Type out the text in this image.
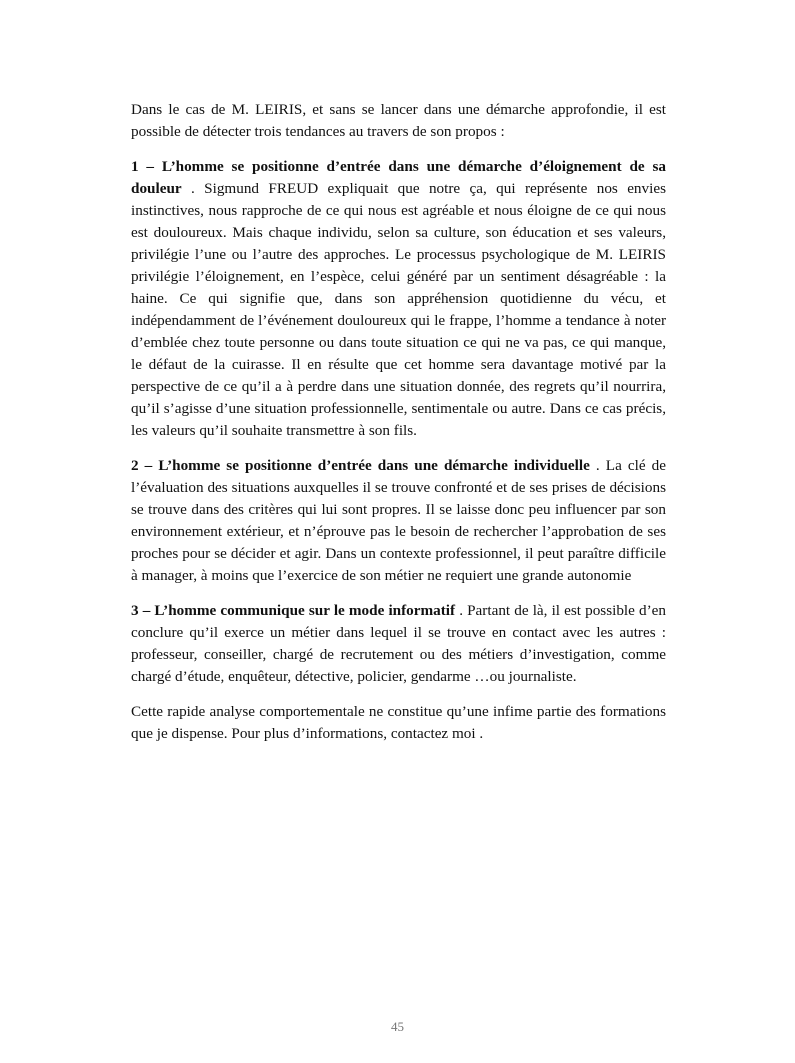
Dans le cas de M. LEIRIS, et sans se lancer dans une démarche approfondie, il est possible de détecter trois tendances au travers de son propos :

1 – L’homme se positionne d’entrée dans une démarche d’éloignement de sa douleur . Sigmund FREUD expliquait que notre ça, qui représente nos envies instinctives, nous rapproche de ce qui nous est agréable et nous éloigne de ce qui nous est douloureux. Mais chaque individu, selon sa culture, son éducation et ses valeurs, privilégie l’une ou l’autre des approches. Le processus psychologique de M. LEIRIS privilégie l’éloignement, en l’espèce, celui généré par un sentiment désagréable : la haine. Ce qui signifie que, dans son appréhension quotidienne du vécu, et indépendamment de l’événement douloureux qui le frappe, l’homme a tendance à noter d’emblée chez toute personne ou dans toute situation ce qui ne va pas, ce qui manque, le défaut de la cuirasse. Il en résulte que cet homme sera davantage motivé par la perspective de ce qu’il a à perdre dans une situation donnée, des regrets qu’il nourrira, qu’il s’agisse d’une situation professionnelle, sentimentale ou autre. Dans ce cas précis, les valeurs qu’il souhaite transmettre à son fils.

2 – L’homme se positionne d’entrée dans une démarche individuelle . La clé de l’évaluation des situations auxquelles il se trouve confronté et de ses prises de décisions se trouve dans des critères qui lui sont propres. Il se laisse donc peu influencer par son environnement extérieur, et n’éprouve pas le besoin de rechercher l’approbation de ses proches pour se décider et agir. Dans un contexte professionnel, il peut paraître difficile à manager, à moins que l’exercice de son métier ne requiert une grande autonomie

3 – L’homme communique sur le mode informatif . Partant de là, il est possible d’en conclure qu’il exerce un métier dans lequel il se trouve en contact avec les autres : professeur, conseiller, chargé de recrutement ou des métiers d’investigation, comme chargé d’étude, enquêteur, détective, policier, gendarme …ou journaliste.

Cette rapide analyse comportementale ne constitue qu’une infime partie des formations que je dispense. Pour plus d’informations, contactez moi .

45
